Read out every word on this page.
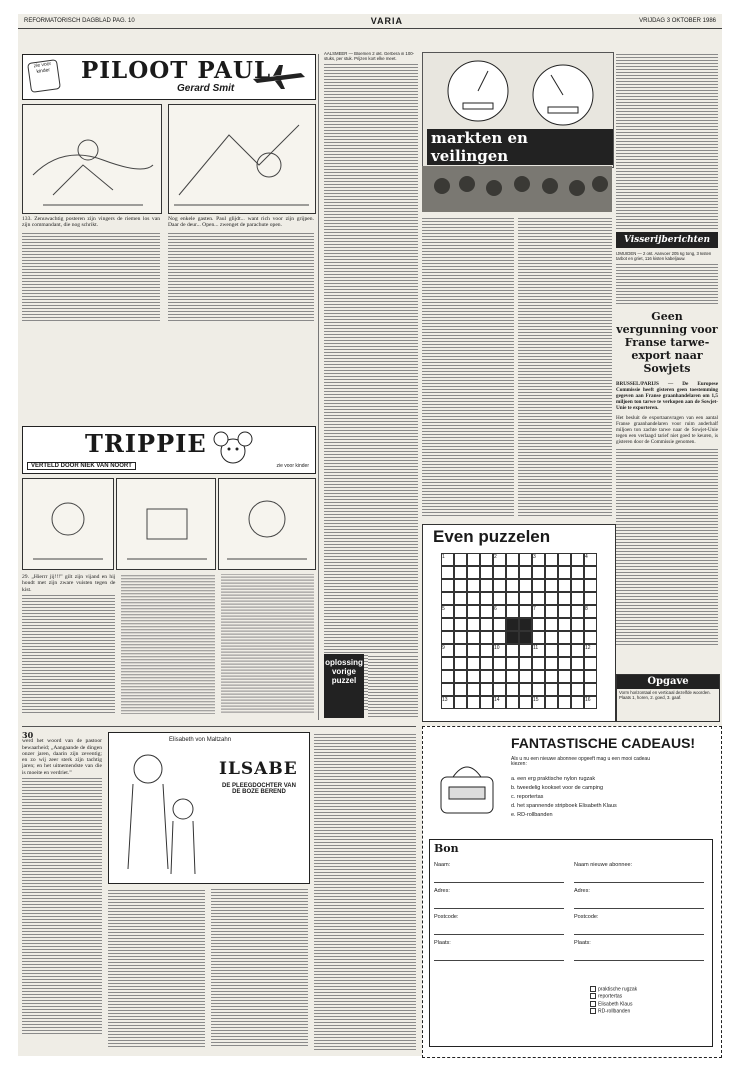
REFORMATORISCH DAGBLAD PAG. 10	VARIA	VRIJDAG 3 OKTOBER 1986
zie voor kinder	PILOOT PAUL
Gerard Smit
133. Zenuwachtig posteren zijn vingers de riemen los van zijn commandant, die nog schrikt.
Nog enkele gasten. Paul glijdt... want rich voor zijn grijpen. Daar de deur... Open... zwenget de parachute open.
TRIPPIE
VERTELD DOOR NIEK VAN NOORT	zie voor kinder
29. „Hierrr jij!!!” gilt zijn vijand en hij houdt met zijn zware vuisten tegen de kist.
30
werd het woord van de pastoor bewaarheid; „Aangaande de dingen onzer jaren, daarin zijn zeventig; en zo wij zeer sterk zijn tachtig jaren; en het uitnemendste van die is moeite en verdriet.”
Elisabeth von Maltzahn
ILSABE
DE PLEEGDOCHTER VAN DE BOZE BEREND
AALSMEER — Bloemen 2 okt. Gerbera in 100-stuks, per stuk. Prijzen kort elke meet.
markten en veilingen
Visserijberichten
IJMUIDEN — 2 okt. Aanvoer 205 kg tong, 3 kisten tarbot en griet, 116 kisten kabeljauw.
Geen vergunning voor Franse tarwe-export naar Sowjets
BRUSSEL/PARIJS — De Europese Commissie heeft gisteren geen toestemming gegeven aan Franse graanhandelaren om 1,5 miljoen ton tarwe te verkopen aan de Sowjet-Unie te exporteren.
Het besluit de exportaanvragen van een aantal Franse graanhandelaren voor ruim anderhalf miljoen ton zachte tarwe naar de Sowjet-Unie tegen een verlaagd tarief niet goed te keuren, is gisteren door de Commissie genomen.
Even puzzelen
1	2	3	4
5	6	7	8
9	10	11	12
13	14	15	16
oplossing vorige puzzel	Opgave
Vorm horizontaal en verticaal dezelfde woorden. Plaats 1, horen, 2. goed, 3. gaaf.
FANTASTISCHE CADEAUS!
Als u nu een nieuwe abonnee opgeeft mag u een mooi cadeau kiezen:
a. een erg praktische nylon rugzak
b. tweedelig kookset voor de camping
c. reportertas
d. het spannende stripboek Elisabeth Klaus
e. RD-rollbanden
Bon
Naam:
Adres:
Postcode:
Plaats:
Naam nieuwe abonnee:
Adres:
Postcode:
Plaats:
praktische rugzak
reportertas
Elisabeth Klaus
RD-rollbanden
